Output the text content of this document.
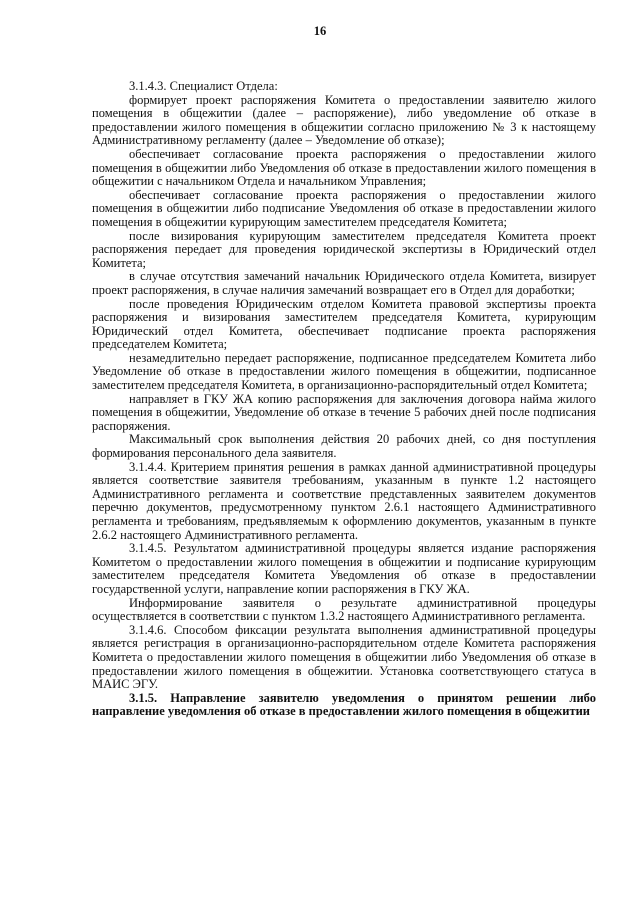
16

3.1.4.3. Специалист Отдела:

формирует проект распоряжения Комитета о предоставлении заявителю жилого помещения в общежитии (далее – распоряжение), либо уведомление об отказе в предоставлении жилого помещения в общежитии согласно приложению № 3 к настоящему Административному регламенту (далее – Уведомление об отказе);

обеспечивает согласование проекта распоряжения о предоставлении жилого помещения в общежитии либо Уведомления об отказе в предоставлении жилого помещения в общежитии с начальником Отдела и начальником Управления;

обеспечивает согласование проекта распоряжения о предоставлении жилого помещения в общежитии либо подписание Уведомления об отказе в предоставлении жилого помещения в общежитии курирующим заместителем председателя Комитета;

после визирования курирующим заместителем председателя Комитета проект распоряжения передает для проведения юридической экспертизы в Юридический отдел Комитета;

в случае отсутствия замечаний начальник Юридического отдела Комитета, визирует проект распоряжения, в случае наличия замечаний возвращает его в Отдел для доработки;

после проведения Юридическим отделом Комитета правовой экспертизы проекта распоряжения и визирования заместителем председателя Комитета, курирующим Юридический отдел Комитета, обеспечивает подписание проекта распоряжения председателем Комитета;

незамедлительно передает распоряжение, подписанное председателем Комитета либо Уведомление об отказе в предоставлении жилого помещения в общежитии, подписанное заместителем председателя Комитета, в организационно-распорядительный отдел Комитета;

направляет в ГКУ ЖА копию распоряжения для заключения договора найма жилого помещения в общежитии, Уведомление об отказе в течение 5 рабочих дней после подписания распоряжения.

Максимальный срок выполнения действия 20 рабочих дней, со дня поступления формирования персонального дела заявителя.

3.1.4.4. Критерием принятия решения в рамках данной административной процедуры является соответствие заявителя требованиям, указанным в пункте 1.2 настоящего Административного регламента и соответствие представленных заявителем документов перечню документов, предусмотренному пунктом 2.6.1 настоящего Административного регламента и требованиям, предъявляемым к оформлению документов, указанным в пункте 2.6.2 настоящего Административного регламента.

3.1.4.5. Результатом административной процедуры является издание распоряжения Комитетом о предоставлении жилого помещения в общежитии и подписание курирующим заместителем председателя Комитета Уведомления об отказе в предоставлении государственной услуги, направление копии распоряжения в ГКУ ЖА.

Информирование заявителя о результате административной процедуры осуществляется в соответствии с пунктом 1.3.2 настоящего Административного регламента.

3.1.4.6. Способом фиксации результата выполнения административной процедуры является регистрация в организационно-распорядительном отделе Комитета распоряжения Комитета о предоставлении жилого помещения в общежитии либо Уведомления об отказе в предоставлении жилого помещения в общежитии. Установка соответствующего статуса в МАИС ЭГУ.

3.1.5. Направление заявителю уведомления о принятом решении либо направление уведомления об отказе в предоставлении жилого помещения в общежитии
